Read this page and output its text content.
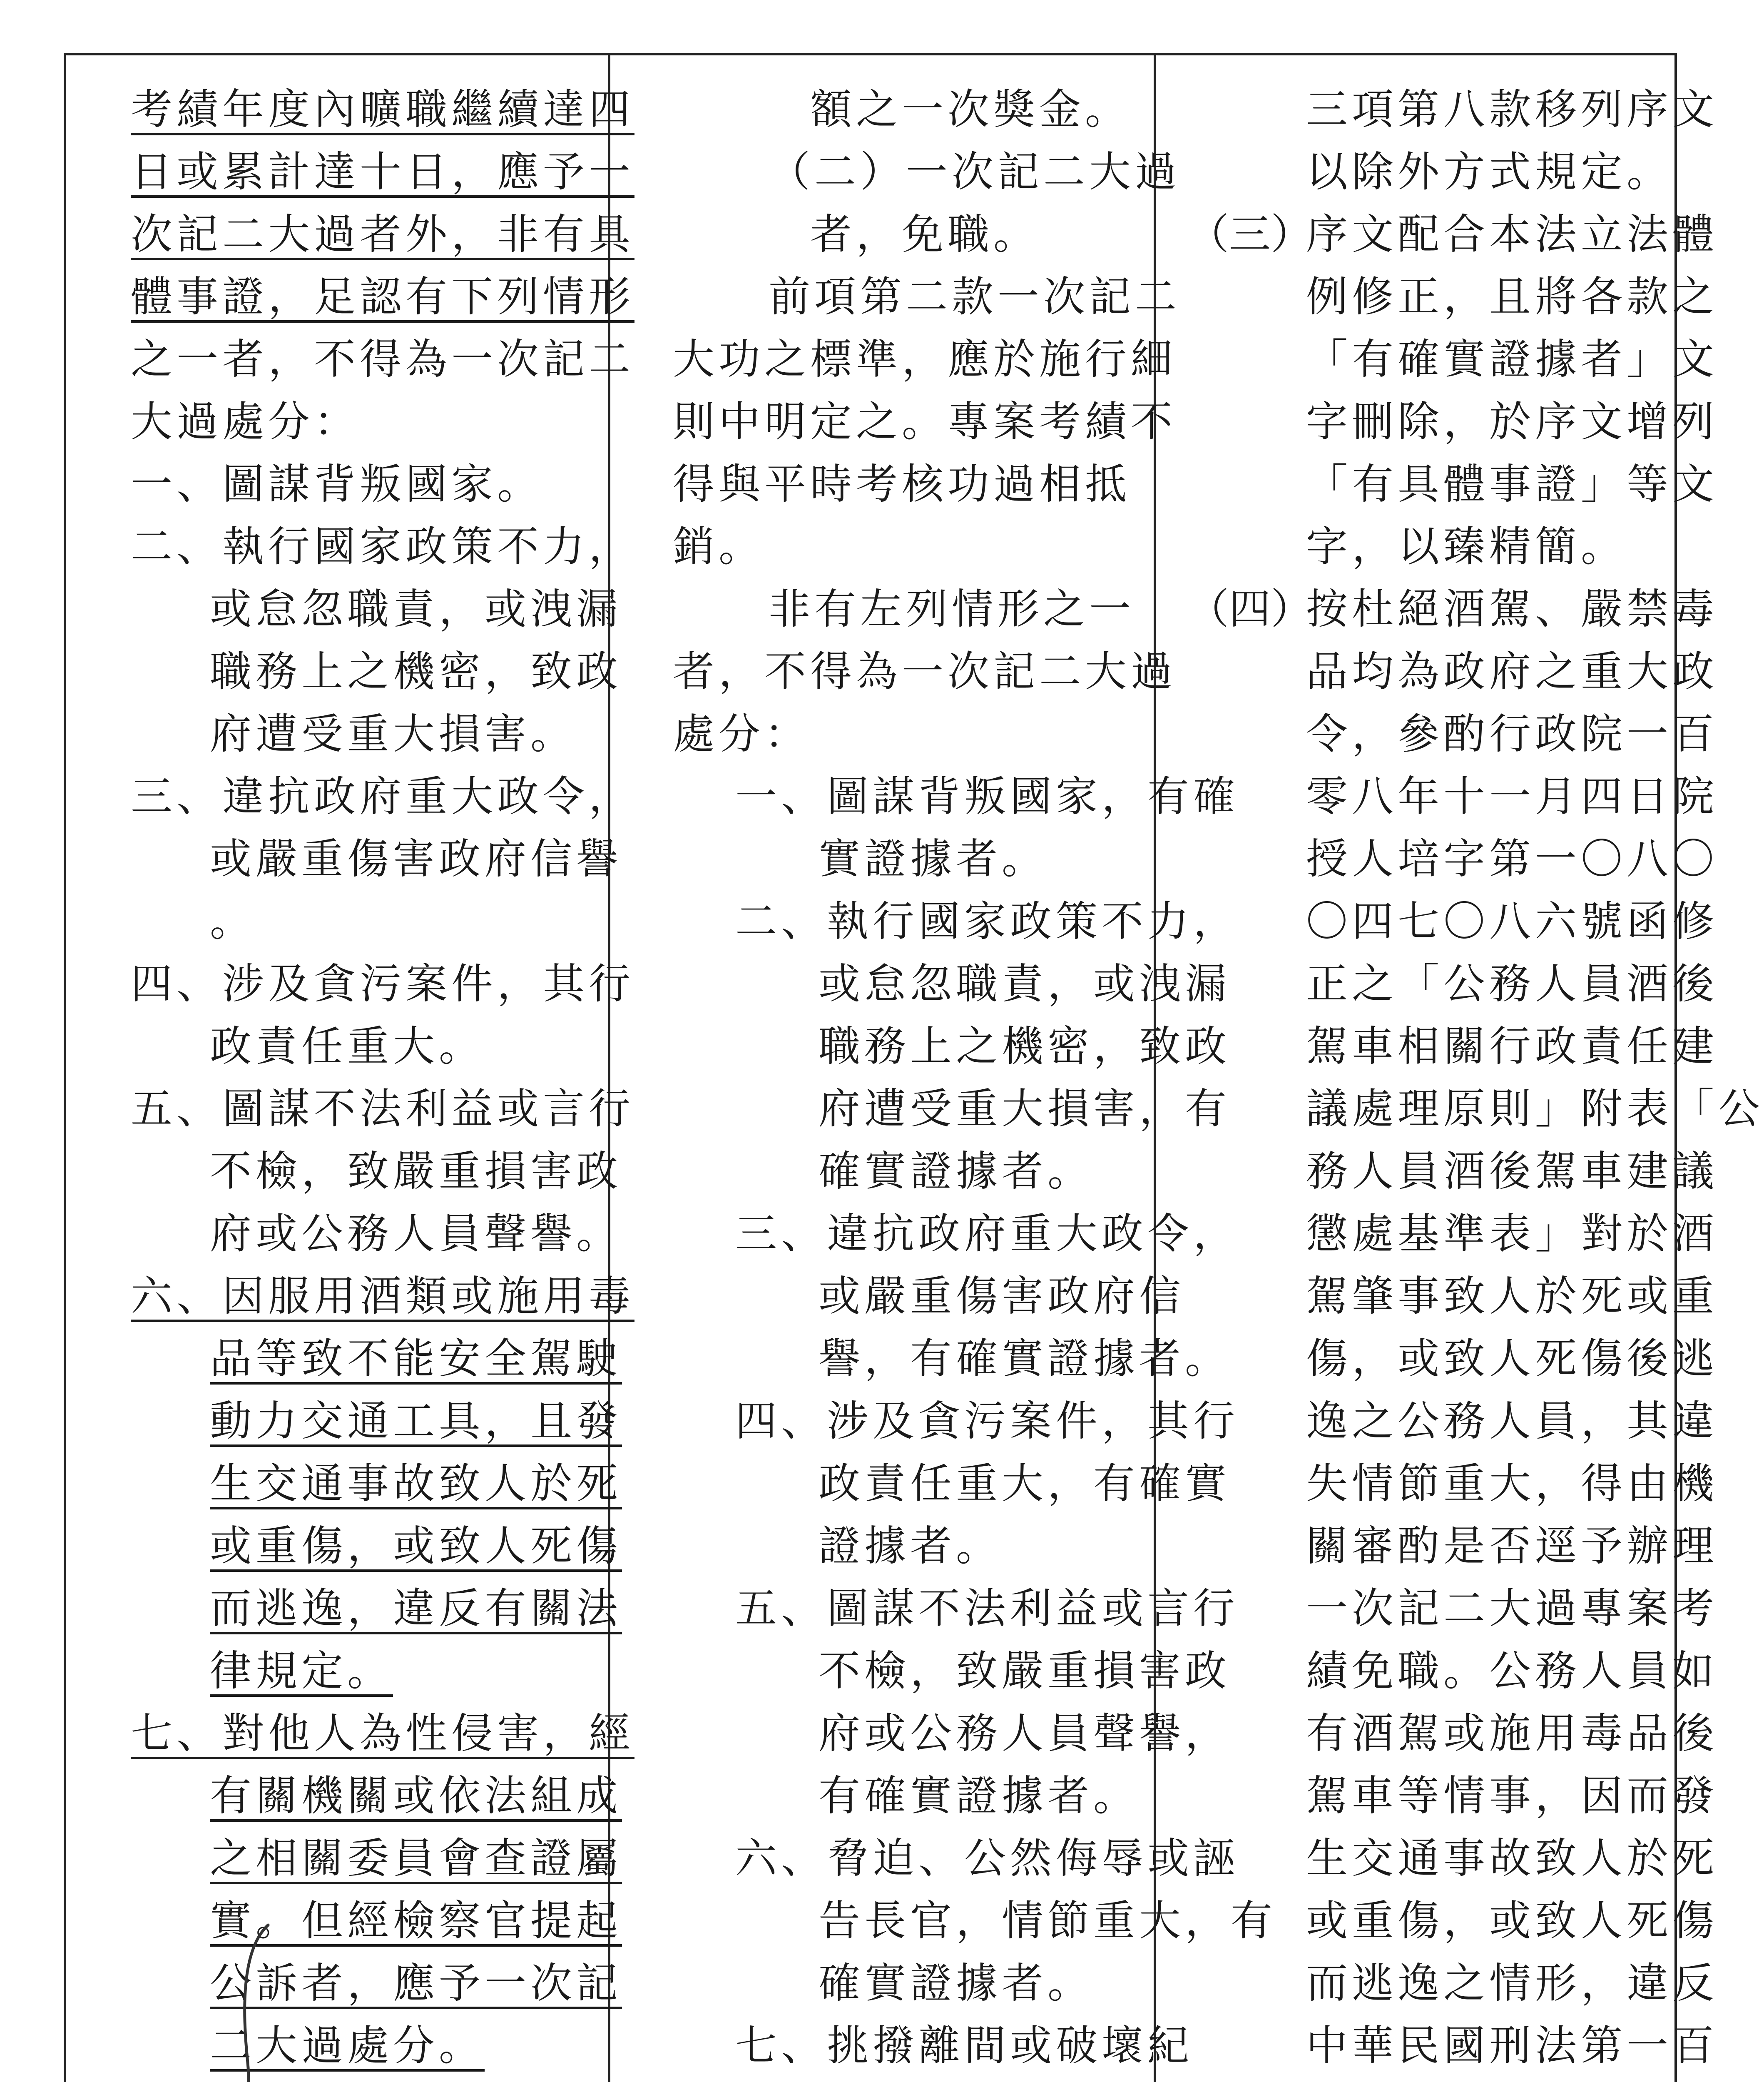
考績年度內曠職繼續達四
日或累計達十日，應予一
次記二大過者外，非有具
體事證，足認有下列情形
之一者，不得為一次記二
大過處分：
一、圖謀背叛國家。
二、執行國家政策不力，
或怠忽職責，或洩漏
職務上之機密，致政
府遭受重大損害。
三、違抗政府重大政令，
或嚴重傷害政府信譽
。
四、涉及貪污案件，其行
政責任重大。
五、圖謀不法利益或言行
不檢，致嚴重損害政
府或公務人員聲譽。
六、因服用酒類或施用毒
品等致不能安全駕駛
動力交通工具，且發
生交通事故致人於死
或重傷，或致人死傷
而逃逸，違反有關法
律規定。
七、對他人為性侵害，經
有關機關或依法組成
之相關委員會查證屬
實。但經檢察官提起
公訴者，應予一次記
二大過處分。
額之一次獎金。
（二）一次記二大過
者，免職。
前項第二款一次記二
大功之標準，應於施行細
則中明定之。專案考績不
得與平時考核功過相抵
銷。
非有左列情形之一
者，不得為一次記二大過
處分：
一、圖謀背叛國家，有確
實證據者。
二、執行國家政策不力，
或怠忽職責，或洩漏
職務上之機密，致政
府遭受重大損害，有
確實證據者。
三、違抗政府重大政令，
或嚴重傷害政府信
譽，有確實證據者。
四、涉及貪污案件，其行
政責任重大，有確實
證據者。
五、圖謀不法利益或言行
不檢，致嚴重損害政
府或公務人員聲譽，
有確實證據者。
六、脅迫、公然侮辱或誣
告長官，情節重大，有
確實證據者。
七、挑撥離間或破壞紀
三項第八款移列序文
以除外方式規定。
序文配合本法立法體
（三）
例修正，且將各款之
「有確實證據者」文
字刪除，於序文增列
「有具體事證」等文
字，以臻精簡。
按杜絕酒駕、嚴禁毒
（四）
品均為政府之重大政
令，參酌行政院一百
零八年十一月四日院
授人培字第一〇八〇
〇四七〇八六號函修
正之「公務人員酒後
駕車相關行政責任建
議處理原則」附表「公
務人員酒後駕車建議
懲處基準表」對於酒
駕肇事致人於死或重
傷，或致人死傷後逃
逸之公務人員，其違
失情節重大，得由機
關審酌是否逕予辦理
一次記二大過專案考
績免職。公務人員如
有酒駕或施用毒品後
駕車等情事，因而發
生交通事故致人於死
或重傷，或致人死傷
而逃逸之情形，違反
中華民國刑法第一百
